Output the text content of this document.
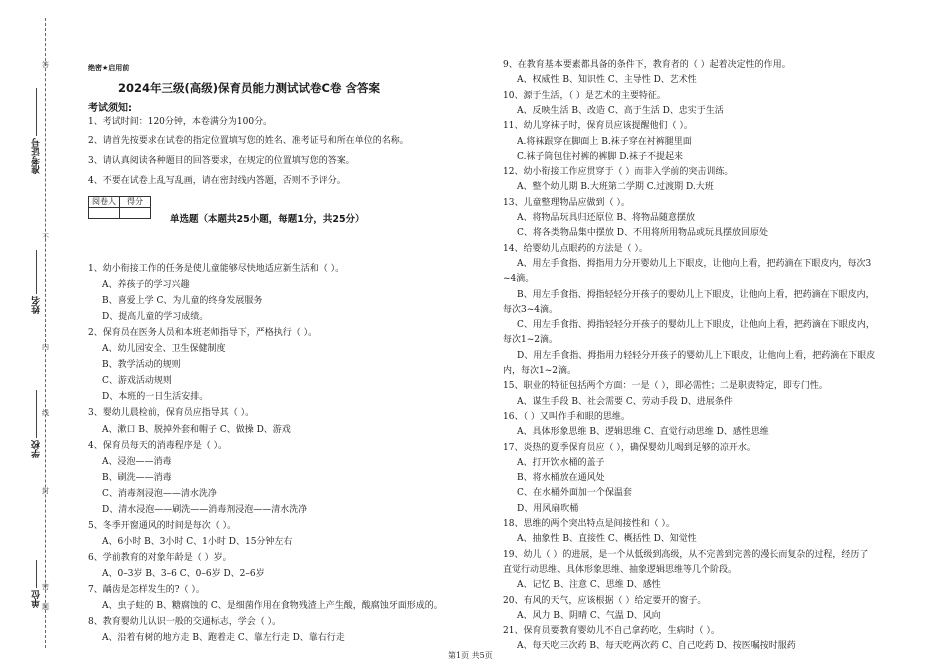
准考证号
姓名
学校
单位
答
不
内
线
封
密
题
绝密★启用前
2024年三级(高级)保育员能力测试试卷C卷 含答案
考试须知:
1、考试时间：120分钟，本卷满分为100分。
2、请首先按要求在试卷的指定位置填写您的姓名、准考证号和所在单位的名称。
3、请认真阅读各种题目的回答要求，在规定的位置填写您的答案。
4、不要在试卷上乱写乱画，请在密封线内答题，否则不予评分。
阅卷人	得分

单选题（本题共25小题，每题1分，共25分）
1、幼小衔接工作的任务是使儿童能够尽快地适应新生活和（ ）。
A、养孩子的学习兴趣
B、喜爱上学 C、为儿童的终身发展服务
D、提高儿童的学习成绩。
2、保育员在医务人员和本班老师指导下，严格执行（ ）。
A、幼儿园安全、卫生保健制度
B、教学活动的规则
C、游戏活动规则
D、本班的一日生活安排。
3、婴幼儿晨检前，保育员应指导其（ ）。
A、漱口 B、脱掉外套和帽子 C、做操 D、游戏
4、保育员每天的消毒程序是（ ）。
A、浸泡——消毒
B、刷洗——消毒
C、消毒剂浸泡——清水洗净
D、清水浸泡——刷洗——消毒剂浸泡——清水洗净
5、冬季开窗通风的时间是每次（ ）。
A、6小时 B、3小时 C、1小时 D、15分钟左右
6、学前教育的对象年龄是（ ）岁。
A、0–3岁 B、3–6 C、0–6岁 D、2–6岁
7、龋齿是怎样发生的?（ ）。
A、虫子蛀的 B、糖腐蚀的 C、是细菌作用在食物残渣上产生酸，酸腐蚀牙面形成的。
8、教育婴幼儿认识一般的交通标志，学会（ ）。
A、沿着有树的地方走 B、跑着走 C、靠左行走 D、靠右行走
9、在教育基本要素都具备的条件下，教育者的（ ）起着决定性的作用。
A、权威性 B、知识性 C、主导性 D、艺术性
10、源于生活，（ ）是艺术的主要特征。
A、反映生活 B、改造 C、高于生活 D、忠实于生活
11、幼儿穿袜子时，保育员应该提醒他们（ ）。
A.将袜跟穿在脚面上 B.袜子穿在衬裤腿里面
C.袜子筒包住衬裤的裤脚 D.袜子不提起来
12、幼小衔接工作应贯穿于（ ）而非入学前的突击训练。
A、整个幼儿期 B.大班第二学期 C.过渡期 D.大班
13、儿童整理物品应做到（ ）。
A、将物品玩具归还原位 B、将物品随意摆放
C、将各类物品集中摆放 D、不用将所用物品或玩具摆放回原处
14、给婴幼儿点眼药的方法是（ ）。
A、用左手食指、拇指用力分开婴幼儿上下眼皮，让他向上看，把药滴在下眼皮内，每次3
~4滴。
B、用左手食指、拇指轻轻分开孩子的婴幼儿上下眼皮，让他向上看，把药滴在下眼皮内，
每次3~4滴。
C、用左手食指、拇指轻轻分开孩子的婴幼儿上下眼皮，让他向上看，把药滴在下眼皮内，
每次1~2滴。
D、用左手食指、拇指用力轻轻分开孩子的婴幼儿上下眼皮，让他向上看，把药滴在下眼皮
内，每次1~2滴。
15、职业的特征包括两个方面：一是（ ），即必需性；二是职责特定，即专门性。
A、谋生手段 B、社会需要 C、劳动手段 D、进展条件
16、（ ）又叫作手和眼的思维。
A、具体形象思维 B、逻辑思维 C、直觉行动思维 D、感性思维
17、炎热的夏季保育员应（ ），确保婴幼儿喝到足够的凉开水。
A、打开饮水桶的盖子
B、将水桶放在通风处
C、在水桶外面加一个保温套
D、用风扇吹桶
18、思维的两个突出特点是间接性和（ ）。
A、抽象性 B、直接性 C、概括性 D、知觉性
19、幼儿（ ）的进展，是一个从低级到高级，从不完善到完善的漫长而复杂的过程，经历了
直觉行动思维、具体形象思维、抽象逻辑思维等几个阶段。
A、记忆 B、注意 C、思维 D、感性
20、有风的天气，应该根据（ ）给定要开的窗子。
A、风力 B、阴晴 C、气温 D、风向
21、保育员要教育婴幼儿不自己拿药吃，生病时（ ）。
A、每天吃三次药 B、每天吃两次药 C、自己吃药 D、按医嘱按时服药
第1页 共5页
